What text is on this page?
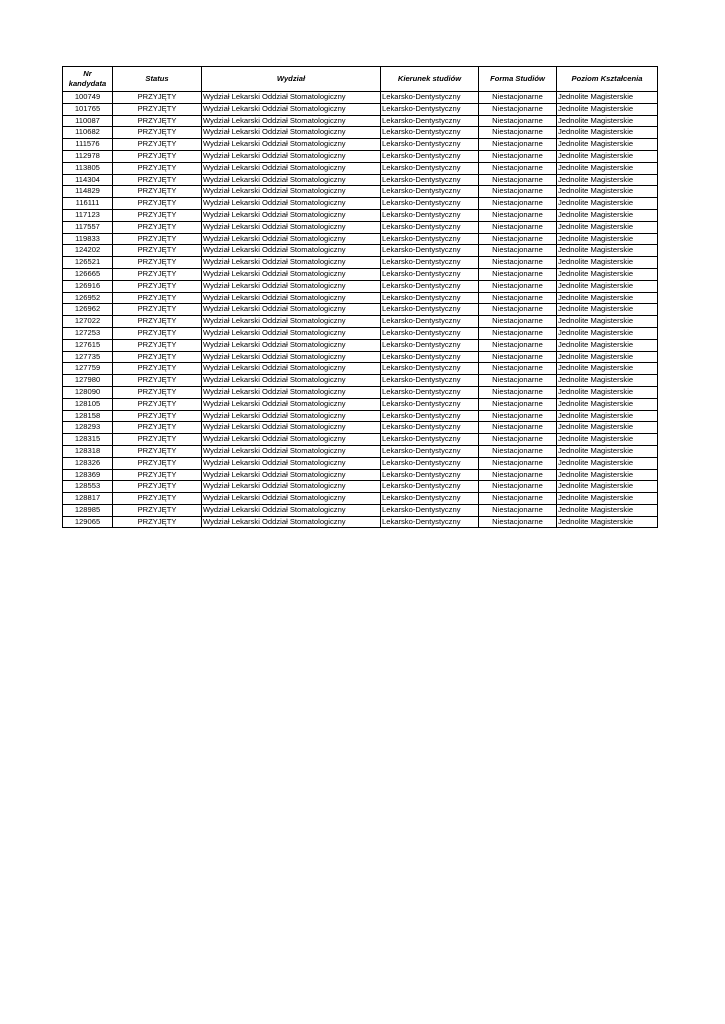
Nr kandydata	Status	Wydział	Kierunek studiów	Forma Studiów	Poziom Kształcenia
100749	PRZYJĘTY	Wydział Lekarski Oddział Stomatologiczny	Lekarsko-Dentystyczny	Niestacjonarne	Jednolite Magisterskie
101765	PRZYJĘTY	Wydział Lekarski Oddział Stomatologiczny	Lekarsko-Dentystyczny	Niestacjonarne	Jednolite Magisterskie
110087	PRZYJĘTY	Wydział Lekarski Oddział Stomatologiczny	Lekarsko-Dentystyczny	Niestacjonarne	Jednolite Magisterskie
110682	PRZYJĘTY	Wydział Lekarski Oddział Stomatologiczny	Lekarsko-Dentystyczny	Niestacjonarne	Jednolite Magisterskie
111576	PRZYJĘTY	Wydział Lekarski Oddział Stomatologiczny	Lekarsko-Dentystyczny	Niestacjonarne	Jednolite Magisterskie
112978	PRZYJĘTY	Wydział Lekarski Oddział Stomatologiczny	Lekarsko-Dentystyczny	Niestacjonarne	Jednolite Magisterskie
113805	PRZYJĘTY	Wydział Lekarski Oddział Stomatologiczny	Lekarsko-Dentystyczny	Niestacjonarne	Jednolite Magisterskie
114304	PRZYJĘTY	Wydział Lekarski Oddział Stomatologiczny	Lekarsko-Dentystyczny	Niestacjonarne	Jednolite Magisterskie
114829	PRZYJĘTY	Wydział Lekarski Oddział Stomatologiczny	Lekarsko-Dentystyczny	Niestacjonarne	Jednolite Magisterskie
116111	PRZYJĘTY	Wydział Lekarski Oddział Stomatologiczny	Lekarsko-Dentystyczny	Niestacjonarne	Jednolite Magisterskie
117123	PRZYJĘTY	Wydział Lekarski Oddział Stomatologiczny	Lekarsko-Dentystyczny	Niestacjonarne	Jednolite Magisterskie
117557	PRZYJĘTY	Wydział Lekarski Oddział Stomatologiczny	Lekarsko-Dentystyczny	Niestacjonarne	Jednolite Magisterskie
119833	PRZYJĘTY	Wydział Lekarski Oddział Stomatologiczny	Lekarsko-Dentystyczny	Niestacjonarne	Jednolite Magisterskie
124202	PRZYJĘTY	Wydział Lekarski Oddział Stomatologiczny	Lekarsko-Dentystyczny	Niestacjonarne	Jednolite Magisterskie
126521	PRZYJĘTY	Wydział Lekarski Oddział Stomatologiczny	Lekarsko-Dentystyczny	Niestacjonarne	Jednolite Magisterskie
126665	PRZYJĘTY	Wydział Lekarski Oddział Stomatologiczny	Lekarsko-Dentystyczny	Niestacjonarne	Jednolite Magisterskie
126916	PRZYJĘTY	Wydział Lekarski Oddział Stomatologiczny	Lekarsko-Dentystyczny	Niestacjonarne	Jednolite Magisterskie
126952	PRZYJĘTY	Wydział Lekarski Oddział Stomatologiczny	Lekarsko-Dentystyczny	Niestacjonarne	Jednolite Magisterskie
126962	PRZYJĘTY	Wydział Lekarski Oddział Stomatologiczny	Lekarsko-Dentystyczny	Niestacjonarne	Jednolite Magisterskie
127022	PRZYJĘTY	Wydział Lekarski Oddział Stomatologiczny	Lekarsko-Dentystyczny	Niestacjonarne	Jednolite Magisterskie
127253	PRZYJĘTY	Wydział Lekarski Oddział Stomatologiczny	Lekarsko-Dentystyczny	Niestacjonarne	Jednolite Magisterskie
127615	PRZYJĘTY	Wydział Lekarski Oddział Stomatologiczny	Lekarsko-Dentystyczny	Niestacjonarne	Jednolite Magisterskie
127735	PRZYJĘTY	Wydział Lekarski Oddział Stomatologiczny	Lekarsko-Dentystyczny	Niestacjonarne	Jednolite Magisterskie
127759	PRZYJĘTY	Wydział Lekarski Oddział Stomatologiczny	Lekarsko-Dentystyczny	Niestacjonarne	Jednolite Magisterskie
127980	PRZYJĘTY	Wydział Lekarski Oddział Stomatologiczny	Lekarsko-Dentystyczny	Niestacjonarne	Jednolite Magisterskie
128090	PRZYJĘTY	Wydział Lekarski Oddział Stomatologiczny	Lekarsko-Dentystyczny	Niestacjonarne	Jednolite Magisterskie
128105	PRZYJĘTY	Wydział Lekarski Oddział Stomatologiczny	Lekarsko-Dentystyczny	Niestacjonarne	Jednolite Magisterskie
128158	PRZYJĘTY	Wydział Lekarski Oddział Stomatologiczny	Lekarsko-Dentystyczny	Niestacjonarne	Jednolite Magisterskie
128293	PRZYJĘTY	Wydział Lekarski Oddział Stomatologiczny	Lekarsko-Dentystyczny	Niestacjonarne	Jednolite Magisterskie
128315	PRZYJĘTY	Wydział Lekarski Oddział Stomatologiczny	Lekarsko-Dentystyczny	Niestacjonarne	Jednolite Magisterskie
128318	PRZYJĘTY	Wydział Lekarski Oddział Stomatologiczny	Lekarsko-Dentystyczny	Niestacjonarne	Jednolite Magisterskie
128326	PRZYJĘTY	Wydział Lekarski Oddział Stomatologiczny	Lekarsko-Dentystyczny	Niestacjonarne	Jednolite Magisterskie
128369	PRZYJĘTY	Wydział Lekarski Oddział Stomatologiczny	Lekarsko-Dentystyczny	Niestacjonarne	Jednolite Magisterskie
128553	PRZYJĘTY	Wydział Lekarski Oddział Stomatologiczny	Lekarsko-Dentystyczny	Niestacjonarne	Jednolite Magisterskie
128817	PRZYJĘTY	Wydział Lekarski Oddział Stomatologiczny	Lekarsko-Dentystyczny	Niestacjonarne	Jednolite Magisterskie
128985	PRZYJĘTY	Wydział Lekarski Oddział Stomatologiczny	Lekarsko-Dentystyczny	Niestacjonarne	Jednolite Magisterskie
129065	PRZYJĘTY	Wydział Lekarski Oddział Stomatologiczny	Lekarsko-Dentystyczny	Niestacjonarne	Jednolite Magisterskie
